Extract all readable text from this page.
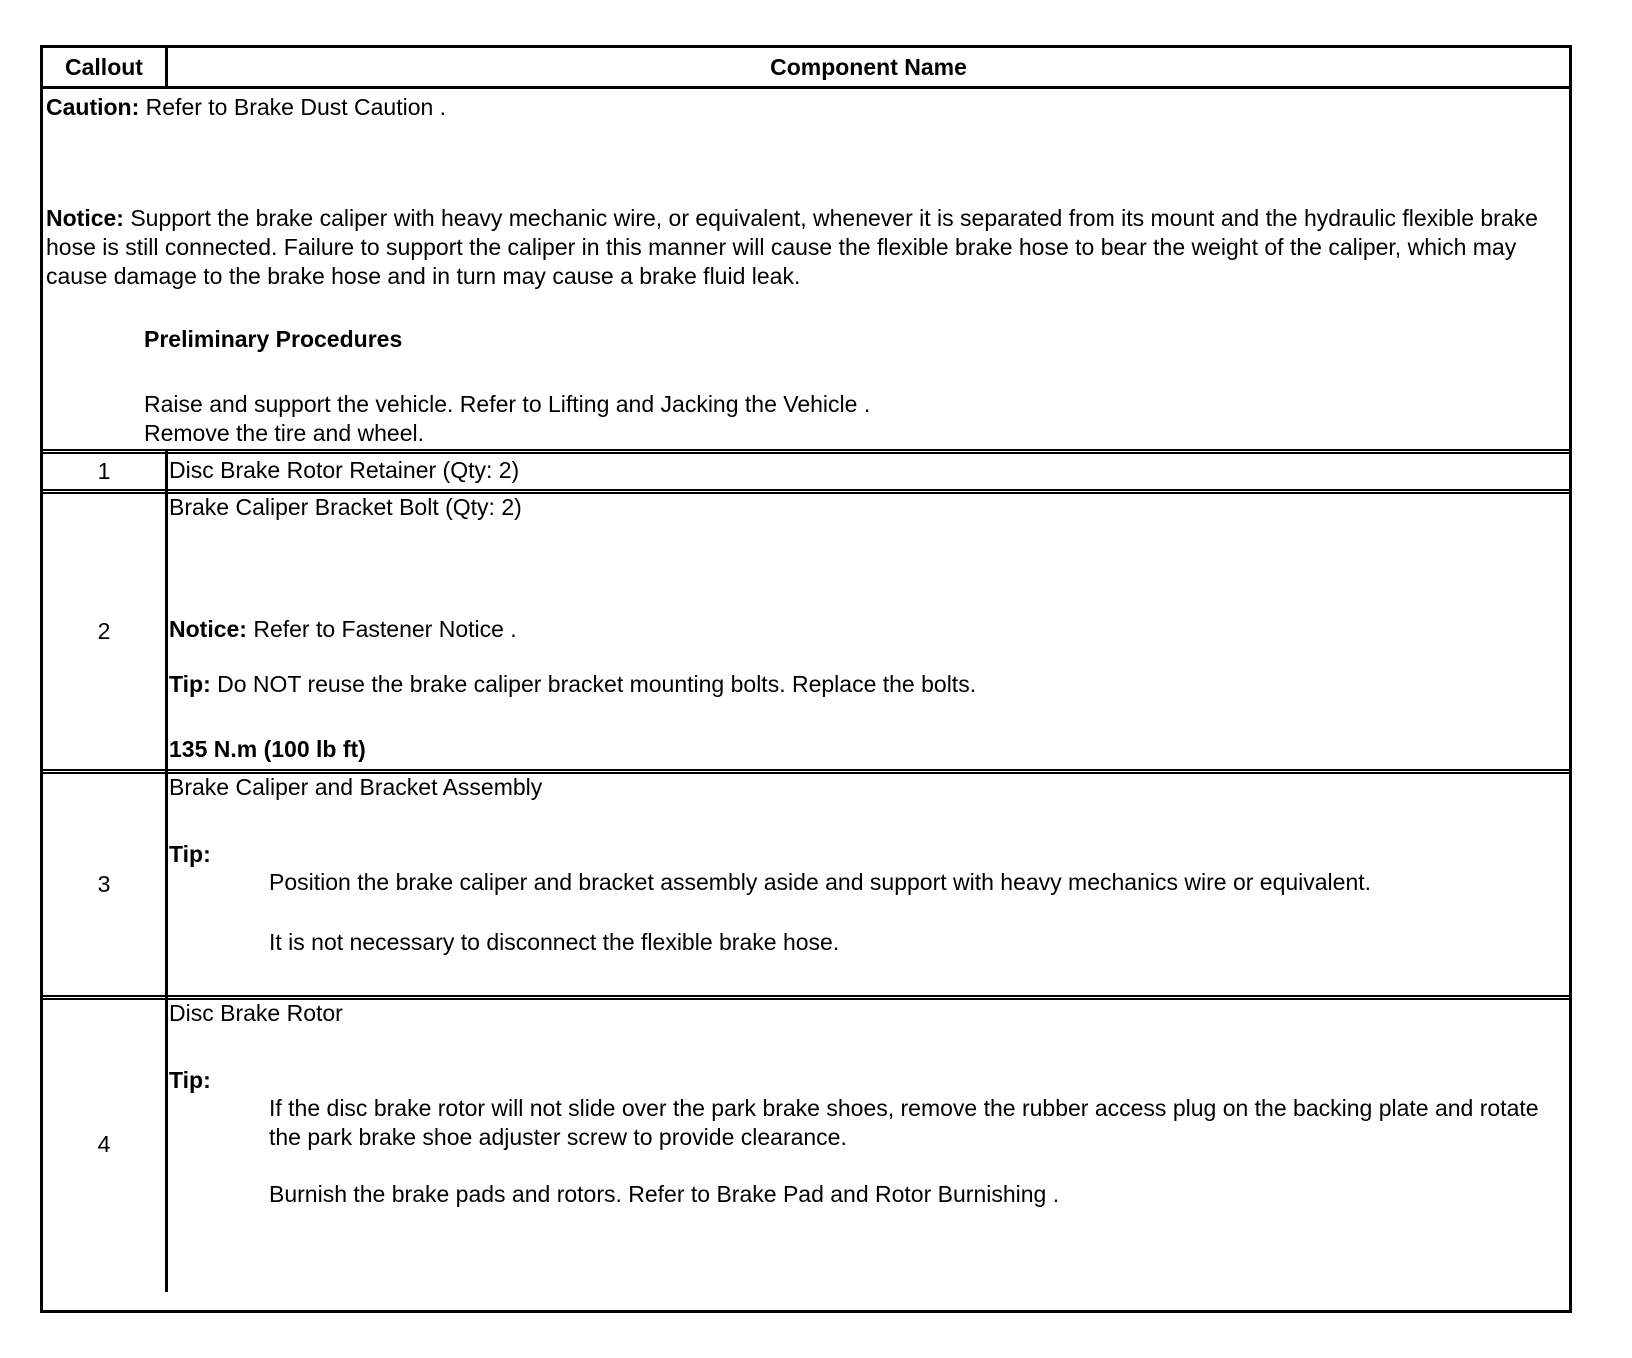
Callout	Component Name
Caution: Refer to Brake Dust Caution .
Notice: Support the brake caliper with heavy mechanic wire, or equivalent, whenever it is separated from its mount and the hydraulic flexible brake hose is still connected. Failure to support the caliper in this manner will cause the flexible brake hose to bear the weight of the caliper, which may cause damage to the brake hose and in turn may cause a brake fluid leak.
Preliminary Procedures
Raise and support the vehicle. Refer to Lifting and Jacking the Vehicle .
Remove the tire and wheel.
1	Disc Brake Rotor Retainer (Qty: 2)
2
Brake Caliper Bracket Bolt (Qty: 2)
Notice: Refer to Fastener Notice .
Tip: Do NOT reuse the brake caliper bracket mounting bolts. Replace the bolts.
135 N.m (100 lb ft)
3
Brake Caliper and Bracket Assembly
Tip:
Position the brake caliper and bracket assembly aside and support with heavy mechanics wire or equivalent.
It is not necessary to disconnect the flexible brake hose.
4
Disc Brake Rotor
Tip:
If the disc brake rotor will not slide over the park brake shoes, remove the rubber access plug on the backing plate and rotate the park brake shoe adjuster screw to provide clearance.
Burnish the brake pads and rotors. Refer to Brake Pad and Rotor Burnishing .
